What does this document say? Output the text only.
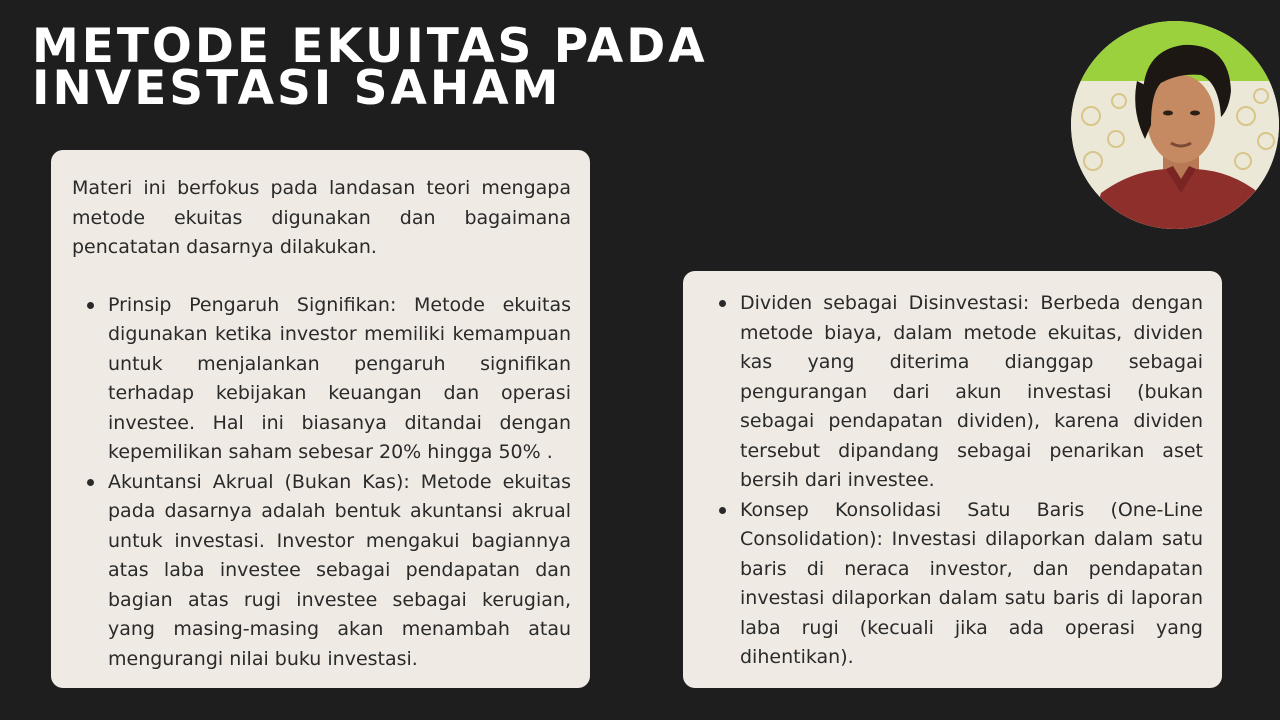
METODE EKUITAS PADA INVESTASI SAHAM

Materi ini berfokus pada landasan teori mengapa metode ekuitas digunakan dan bagaimana pencatatan dasarnya dilakukan.

Prinsip Pengaruh Signifikan: Metode ekuitas digunakan ketika investor memiliki kemampuan untuk menjalankan pengaruh signifikan terhadap kebijakan keuangan dan operasi investee. Hal ini biasanya ditandai dengan kepemilikan saham sebesar 20% hingga 50% .
Akuntansi Akrual (Bukan Kas): Metode ekuitas pada dasarnya adalah bentuk akuntansi akrual untuk investasi. Investor mengakui bagiannya atas laba investee sebagai pendapatan dan bagian atas rugi investee sebagai kerugian, yang masing-masing akan menambah atau mengurangi nilai buku investasi.
Dividen sebagai Disinvestasi: Berbeda dengan metode biaya, dalam metode ekuitas, dividen kas yang diterima dianggap sebagai pengurangan dari akun investasi (bukan sebagai pendapatan dividen), karena dividen tersebut dipandang sebagai penarikan aset bersih dari investee.
Konsep Konsolidasi Satu Baris (One-Line Consolidation): Investasi dilaporkan dalam satu baris di neraca investor, dan pendapatan investasi dilaporkan dalam satu baris di laporan laba rugi (kecuali jika ada operasi yang dihentikan).
